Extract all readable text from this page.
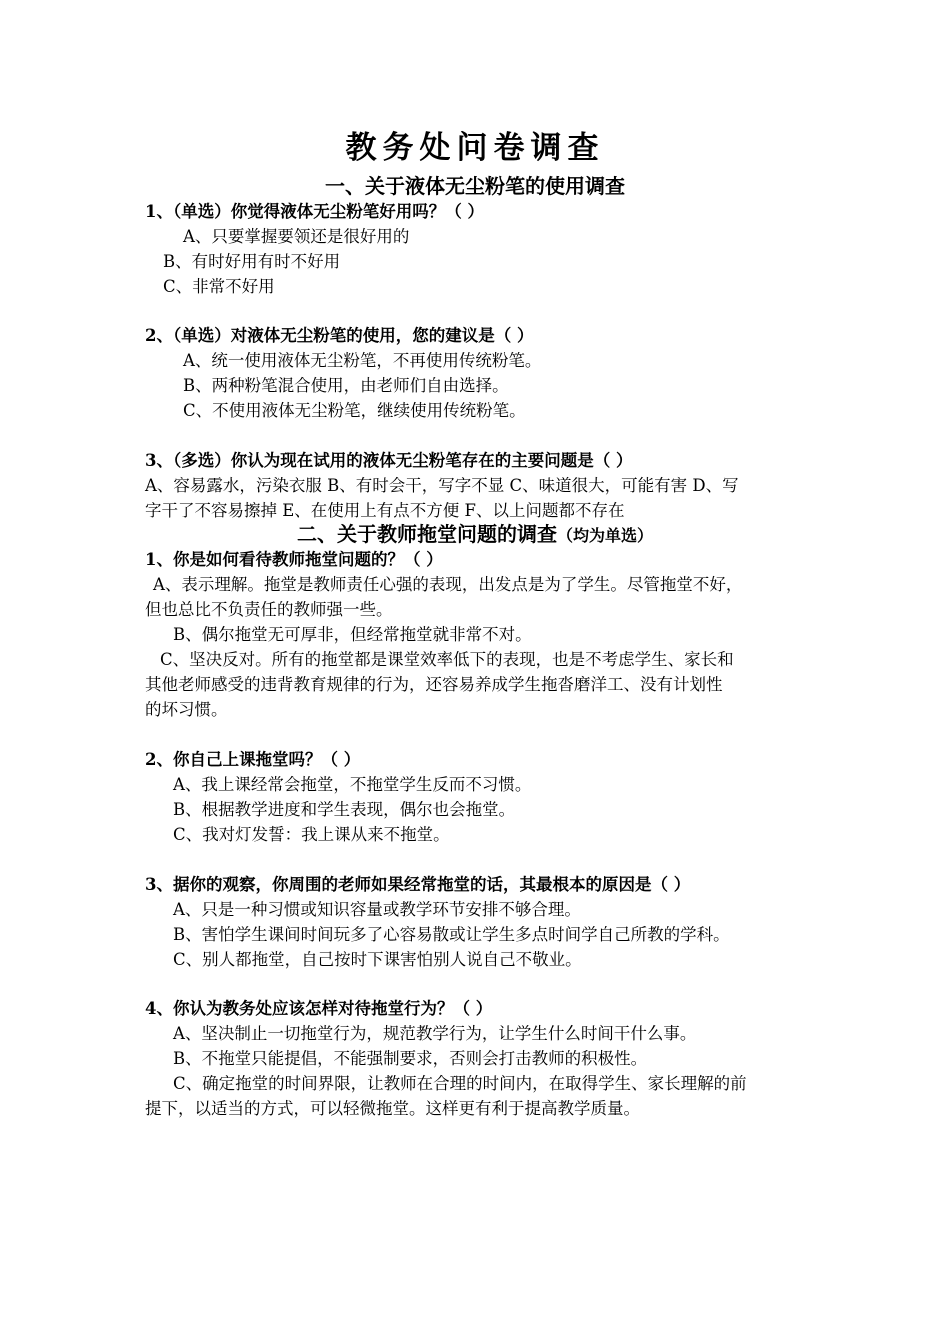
教务处问卷调查
一、关于液体无尘粉笔的使用调查
1、（单选）你觉得液体无尘粉笔好用吗？（ ）
A、只要掌握要领还是很好用的
B、有时好用有时不好用
C、非常不好用
2、（单选）对液体无尘粉笔的使用，您的建议是（ ）
A、统一使用液体无尘粉笔，不再使用传统粉笔。
B、两种粉笔混合使用，由老师们自由选择。
C、不使用液体无尘粉笔，继续使用传统粉笔。
3、（多选）你认为现在试用的液体无尘粉笔存在的主要问题是（ ）
A、容易露水，污染衣服 B、有时会干，写字不显 C、味道很大，可能有害 D、写
字干了不容易擦掉 E、在使用上有点不方便 F、以上问题都不存在
二、关于教师拖堂问题的调查（均为单选）
1、你是如何看待教师拖堂问题的？（ ）
A、表示理解。拖堂是教师责任心强的表现，出发点是为了学生。尽管拖堂不好，
但也总比不负责任的教师强一些。
B、偶尔拖堂无可厚非，但经常拖堂就非常不对。
C、坚决反对。所有的拖堂都是课堂效率低下的表现，也是不考虑学生、家长和
其他老师感受的违背教育规律的行为，还容易养成学生拖沓磨洋工、没有计划性
的坏习惯。
2、你自己上课拖堂吗？（ ）
A、我上课经常会拖堂，不拖堂学生反而不习惯。
B、根据教学进度和学生表现，偶尔也会拖堂。
C、我对灯发誓：我上课从来不拖堂。
3、据你的观察，你周围的老师如果经常拖堂的话，其最根本的原因是（ ）
A、只是一种习惯或知识容量或教学环节安排不够合理。
B、害怕学生课间时间玩多了心容易散或让学生多点时间学自己所教的学科。
C、别人都拖堂，自己按时下课害怕别人说自己不敬业。
4、你认为教务处应该怎样对待拖堂行为？（ ）
A、坚决制止一切拖堂行为，规范教学行为，让学生什么时间干什么事。
B、不拖堂只能提倡，不能强制要求，否则会打击教师的积极性。
C、确定拖堂的时间界限，让教师在合理的时间内，在取得学生、家长理解的前
提下，以适当的方式，可以轻微拖堂。这样更有利于提高教学质量。
